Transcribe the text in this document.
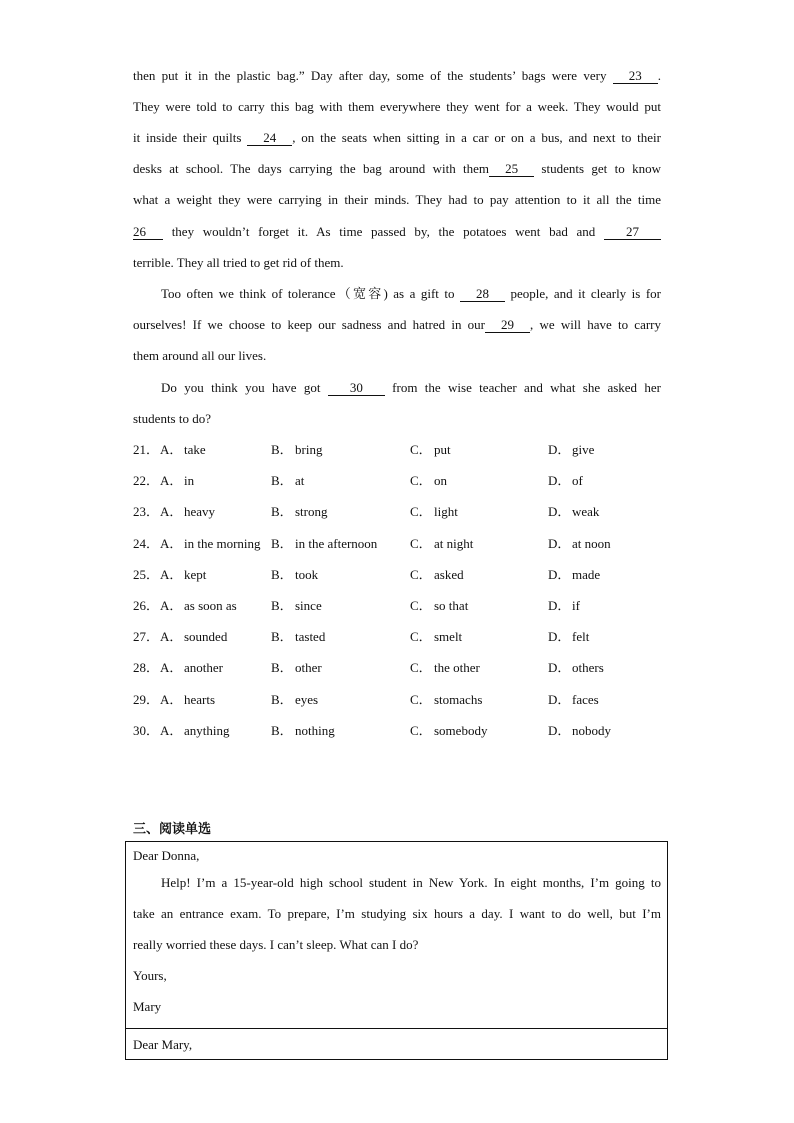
then put it in the plastic bag.” Day after day, some of the students’ bags were very 23 .
They were told to carry this bag with them everywhere they went for a week. They would put
it inside their quilts 24 , on the seats when sitting in a car or on a bus, and next to their
desks at school. The days carrying the bag around with them 25 students get to know
what a weight they were carrying in their minds. They had to pay attention to it all the time
26 they wouldn’t forget it. As time passed by, the potatoes went bad and 27
terrible. They all tried to get rid of them.
Too often we think of tolerance（宽容) as a gift to 28 people, and it clearly is for
ourselves! If we choose to keep our sadness and hatred in our 29 , we will have to carry
them around all our lives.
Do you think you have got 30 from the wise teacher and what she asked her
students to do?
21． A． take	B． bring	C． put	D． give
22． A． in	B． at	C． on	D． of
23． A． heavy	B． strong	C． light	D． weak
24． A． in the morning B． in the afternoon	C． at night	D． at noon
25． A． kept	B． took	C． asked	D． made
26． A． as soon as	B． since	C． so that	D． if
27． A． sounded	B． tasted	C． smelt	D． felt
28． A． another	B． other	C． the other	D． others
29． A． hearts	B． eyes	C． stomachs	D． faces
30． A． anything	B． nothing	C． somebody	D． nobody
三、阅读单选
Dear Donna,
Help! I’m a 15-year-old high school student in New York. In eight months, I’m going to
take an entrance exam. To prepare, I’m studying six hours a day. I want to do well, but I’m
really worried these days. I can’t sleep. What can I do?
Yours,
Mary
Dear Mary,
